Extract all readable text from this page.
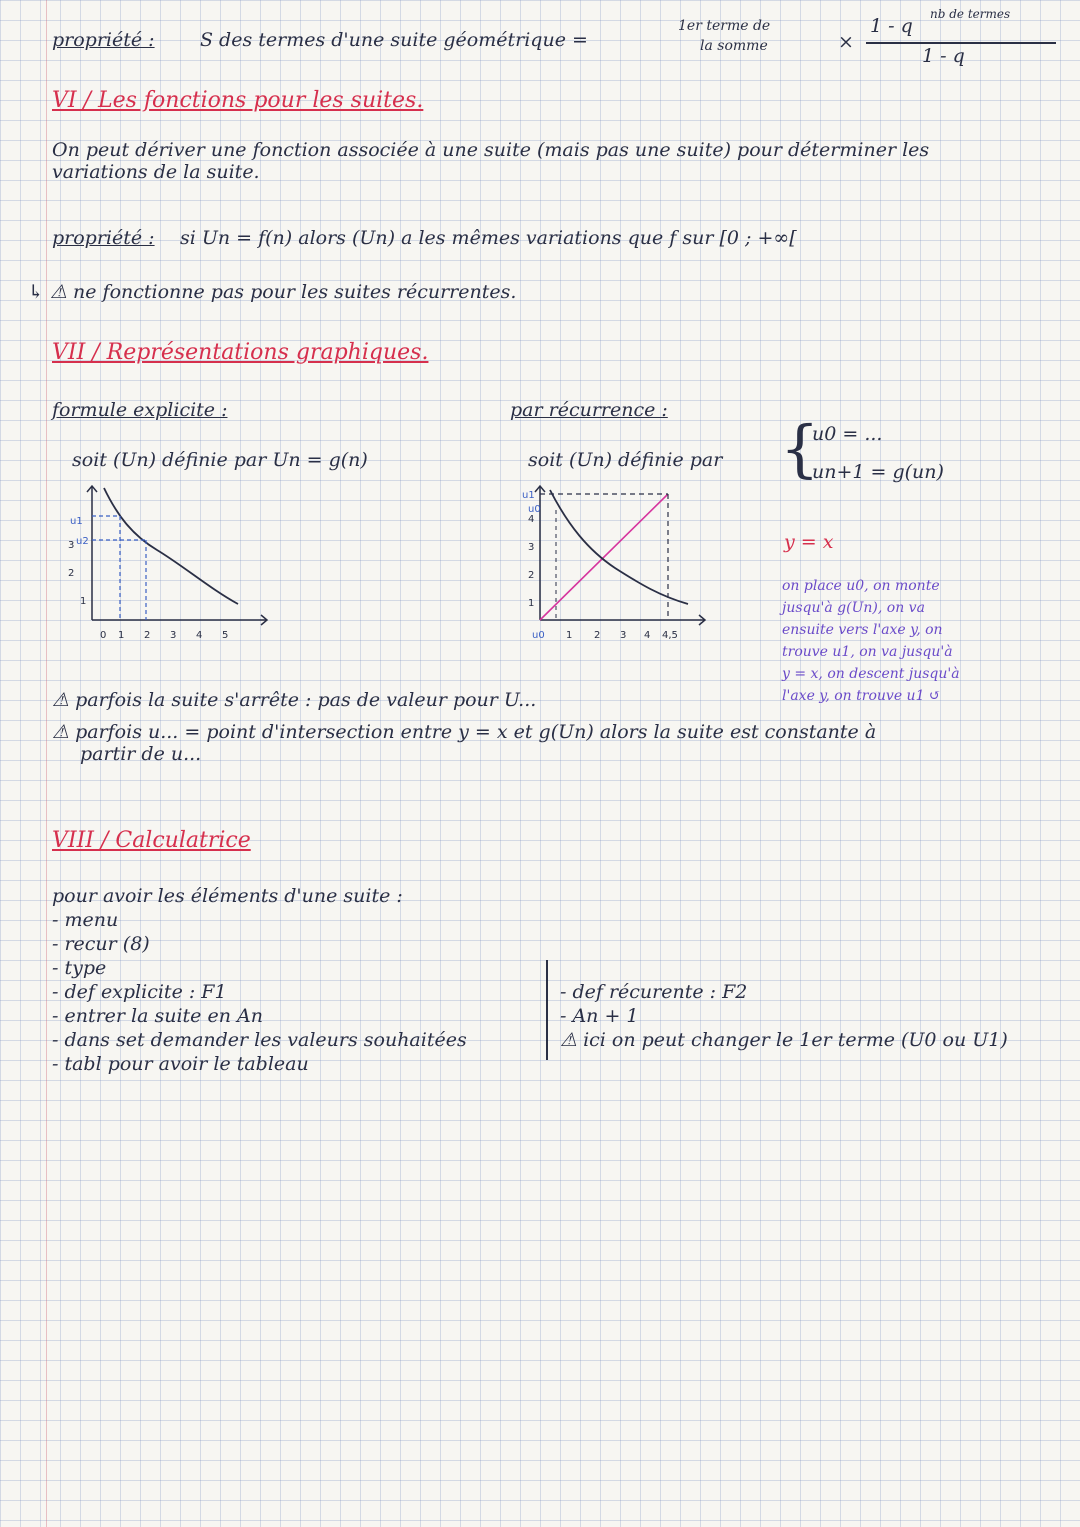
propriété : S des termes d'une suite géométrique =
1er terme de
la somme	×
1 - q
nb de termes
1 - q
VI / Les fonctions pour les suites.
On peut dériver une fonction associée à une suite (mais pas une suite) pour déterminer les
variations de la suite.
propriété : si Un = f(n) alors (Un) a les mêmes variations que f sur [0 ; +∞[
↳ ⚠ ne fonctionne pas pour les suites récurrentes.
VII / Représentations graphiques.
formule explicite :
soit (Un) définie par Un = g(n)
par récurrence :
soit (Un) définie par {
u0 = ...
un+1 = g(un)
0 1 2 3 4 5
1
2
3
u1
u2
u0 1 2 3 4 4,5
1
2
3
4
u1
u0
y = x
on place u0, on monte
jusqu'à g(Un), on va
ensuite vers l'axe y, on
trouve u1, on va jusqu'à
y = x, on descent jusqu'à
l'axe y, on trouve u1 ↺
⚠ parfois la suite s'arrête : pas de valeur pour U...
⚠ parfois u... = point d'intersection entre y = x et g(Un) alors la suite est constante à
partir de u...
VIII / Calculatrice
pour avoir les éléments d'une suite :
- menu
- recur (8)
- type
- def explicite : F1
- entrer la suite en An
- dans set demander les valeurs souhaitées
- tabl pour avoir le tableau
- def récurente : F2
- An + 1
⚠ ici on peut changer le 1er terme (U0 ou U1)
